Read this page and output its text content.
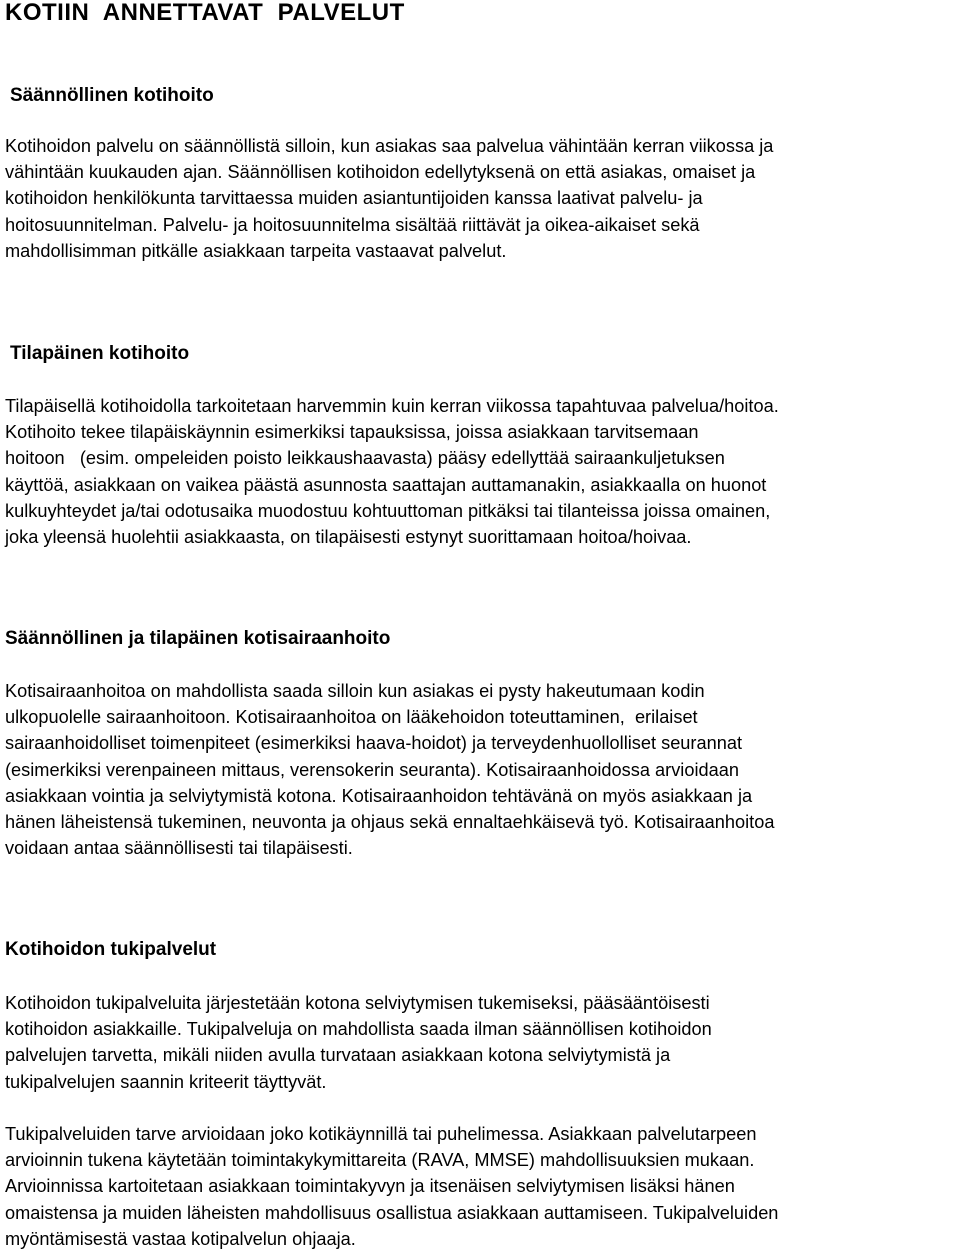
KOTIIN  ANNETTAVAT  PALVELUT
Säännöllinen kotihoito
Kotihoidon palvelu on säännöllistä silloin, kun asiakas saa palvelua vähintään kerran viikossa ja
vähintään kuukauden ajan. Säännöllisen kotihoidon edellytyksenä on että asiakas, omaiset ja
kotihoidon henkilökunta tarvittaessa muiden asiantuntijoiden kanssa laativat palvelu- ja
hoitosuunnitelman. Palvelu- ja hoitosuunnitelma sisältää riittävät ja oikea-aikaiset sekä
mahdollisimman pitkälle asiakkaan tarpeita vastaavat palvelut.
Tilapäinen kotihoito
Tilapäisellä kotihoidolla tarkoitetaan harvemmin kuin kerran viikossa tapahtuvaa palvelua/hoitoa.
Kotihoito tekee tilapäiskäynnin esimerkiksi tapauksissa, joissa asiakkaan tarvitsemaan
hoitoon   (esim. ompeleiden poisto leikkaushaavasta) pääsy edellyttää sairaankuljetuksen
käyttöä, asiakkaan on vaikea päästä asunnosta saattajan auttamanakin, asiakkaalla on huonot
kulkuyhteydet ja/tai odotusaika muodostuu kohtuuttoman pitkäksi tai tilanteissa joissa omainen,
joka yleensä huolehtii asiakkaasta, on tilapäisesti estynyt suorittamaan hoitoa/hoivaa.
Säännöllinen ja tilapäinen kotisairaanhoito
Kotisairaanhoitoa on mahdollista saada silloin kun asiakas ei pysty hakeutumaan kodin
ulkopuolelle sairaanhoitoon. Kotisairaanhoitoa on lääkehoidon toteuttaminen,  erilaiset
sairaanhoidolliset toimenpiteet (esimerkiksi haava-hoidot) ja terveydenhuollolliset seurannat
(esimerkiksi verenpaineen mittaus, verensokerin seuranta). Kotisairaanhoidossa arvioidaan
asiakkaan vointia ja selviytymistä kotona. Kotisairaanhoidon tehtävänä on myös asiakkaan ja
hänen läheistensä tukeminen, neuvonta ja ohjaus sekä ennaltaehkäisevä työ. Kotisairaanhoitoa
voidaan antaa säännöllisesti tai tilapäisesti.
Kotihoidon tukipalvelut
Kotihoidon tukipalveluita järjestetään kotona selviytymisen tukemiseksi, pääsääntöisesti
kotihoidon asiakkaille. Tukipalveluja on mahdollista saada ilman säännöllisen kotihoidon
palvelujen tarvetta, mikäli niiden avulla turvataan asiakkaan kotona selviytymistä ja
tukipalvelujen saannin kriteerit täyttyvät.
Tukipalveluiden tarve arvioidaan joko kotikäynnillä tai puhelimessa. Asiakkaan palvelutarpeen
arvioinnin tukena käytetään toimintakykymittareita (RAVA, MMSE) mahdollisuuksien mukaan.
Arvioinnissa kartoitetaan asiakkaan toimintakyvyn ja itsenäisen selviytymisen lisäksi hänen
omaistensa ja muiden läheisten mahdollisuus osallistua asiakkaan auttamiseen. Tukipalveluiden
myöntämisestä vastaa kotipalvelun ohjaaja.
